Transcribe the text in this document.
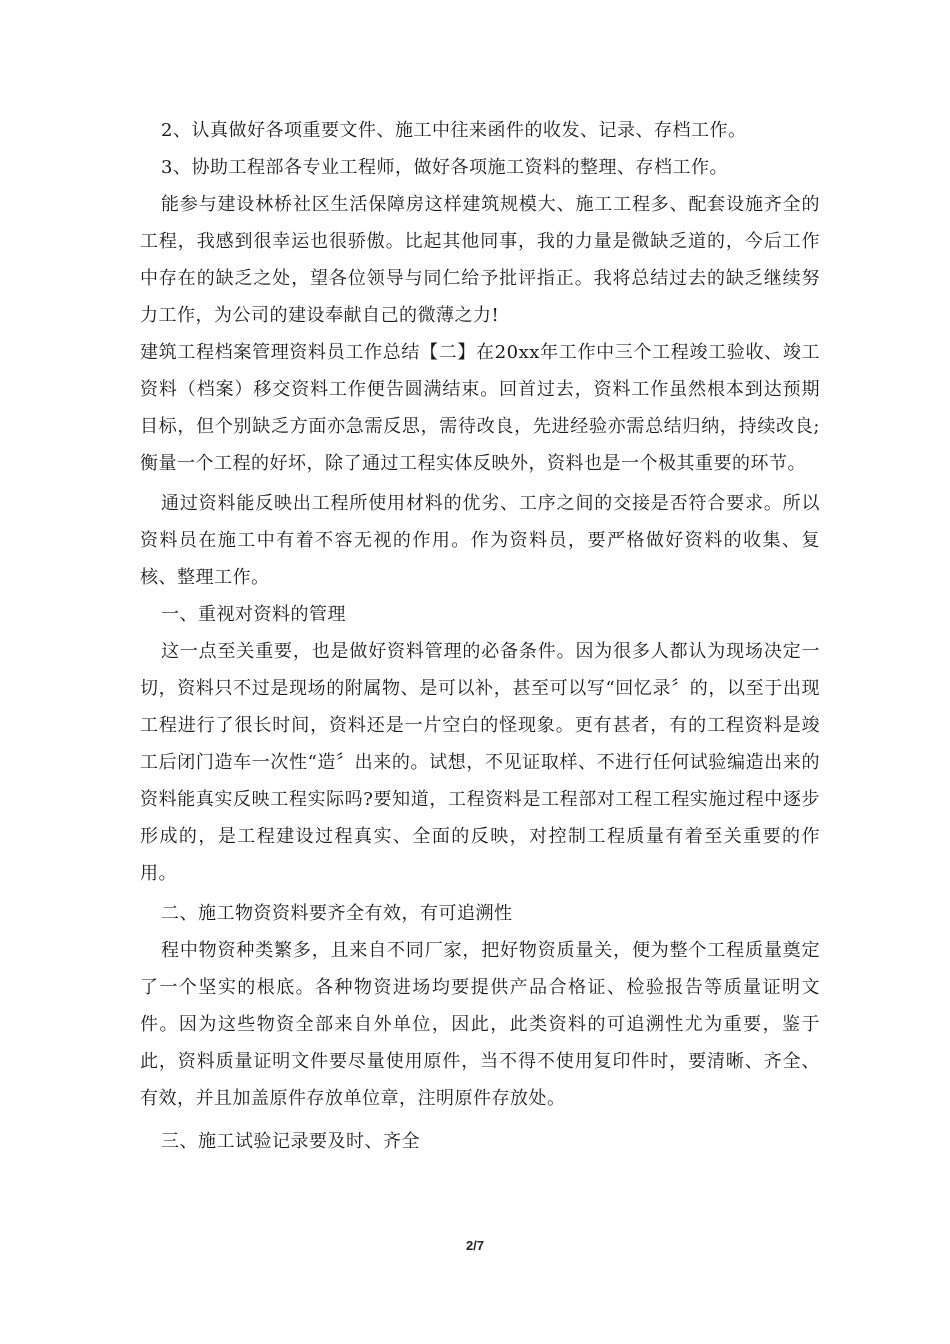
2、认真做好各项重要文件、施工中往来函件的收发、记录、存档工作。

3、协助工程部各专业工程师，做好各项施工资料的整理、存档工作。

能参与建设林桥社区生活保障房这样建筑规模大、施工工程多、配套设施齐全的工程，我感到很幸运也很骄傲。比起其他同事，我的力量是微缺乏道的，今后工作中存在的缺乏之处，望各位领导与同仁给予批评指正。我将总结过去的缺乏继续努力工作，为公司的建设奉献自己的微薄之力!

建筑工程档案管理资料员工作总结【二】在20xx年工作中三个工程竣工验收、竣工资料（档案）移交资料工作便告圆满结束。回首过去，资料工作虽然根本到达预期目标，但个别缺乏方面亦急需反思，需待改良，先进经验亦需总结归纳，持续改良;衡量一个工程的好坏，除了通过工程实体反映外，资料也是一个极其重要的环节。

通过资料能反映出工程所使用材料的优劣、工序之间的交接是否符合要求。所以资料员在施工中有着不容无视的作用。作为资料员，要严格做好资料的收集、复核、整理工作。

一、重视对资料的管理

这一点至关重要，也是做好资料管理的必备条件。因为很多人都认为现场决定一切，资料只不过是现场的附属物、是可以补，甚至可以写“回忆录〞的，以至于出现工程进行了很长时间，资料还是一片空白的怪现象。更有甚者，有的工程资料是竣工后闭门造车一次性“造〞出来的。试想，不见证取样、不进行任何试验编造出来的资料能真实反映工程实际吗?要知道，工程资料是工程部对工程工程实施过程中逐步形成的，是工程建设过程真实、全面的反映，对控制工程质量有着至关重要的作用。

二、施工物资资料要齐全有效，有可追溯性

程中物资种类繁多，且来自不同厂家，把好物资质量关，便为整个工程质量奠定了一个坚实的根底。各种物资进场均要提供产品合格证、检验报告等质量证明文件。因为这些物资全部来自外单位，因此，此类资料的可追溯性尤为重要，鉴于此，资料质量证明文件要尽量使用原件，当不得不使用复印件时，要清晰、齐全、有效，并且加盖原件存放单位章，注明原件存放处。

三、施工试验记录要及时、齐全

2/7
